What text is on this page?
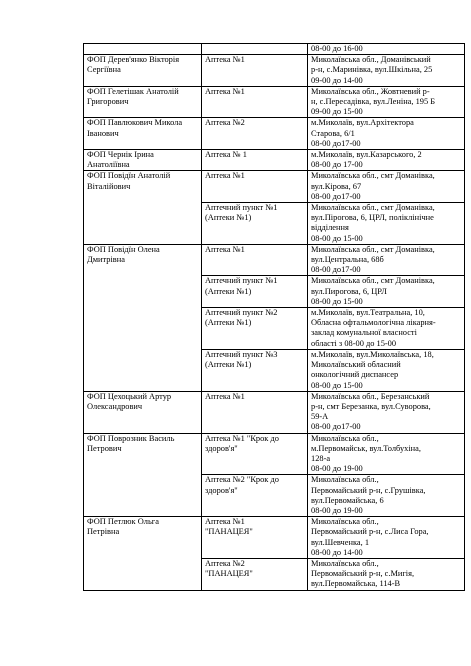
		08-00 до 16-00

ФОП Дерев'янко Вікторія
Сергіївна	Аптека №1	Миколаївська обл., Доманівський
р-н, с.Маринівка, вул.Шкільна, 25
09-00 до 14-00

ФОП Гелетішак Анатолій
Григорович	Аптека №1	Миколаївська обл., Жовтневий р-
н, с.Пересадівка, вул.Леніна, 195 Б
09-00 до 15-00

ФОП Павлюкович Микола
Іванович	Аптека №2	м.Миколаїв, вул.Архітектора
Старова, 6/1
08-00 до17-00

ФОП Чернік Ірина
Анатоліївна	Аптека № 1	м.Миколаїв, вул.Казарського, 2
08-00 до 17-00

ФОП Повідїн Анатолій
Віталійович	Аптека №1	Миколаївська обл., смт Доманівка,
вул.Кірова, 67
08-00 до17-00

	Аптечний пункт №1
(Аптеки №1)	Миколаївська обл., смт Доманівка,
вул.Пірогова, 6, ЦРЛ, поліклінічне
відділення
08-00 до 15-00

ФОП Повідїн Олена
Дмитрівна	Аптека №1	Миколаївська обл., смт Доманівка,
вул.Центральна, 68б
08-00 до17-00

	Аптечний пункт №1
(Аптеки №1)	Миколаївська обл., смт Доманівка,
вул.Пирогова, 6, ЦРЛ
08-00 до 15-00

	Аптечний пункт №2
(Аптеки №1)	м.Миколаїв, вул.Театральна, 10,
Обласна офтальмологічна лікарня-
заклад комунальної власності
області з 08-00 до 15-00

	Аптечний пункт №3
(Аптеки №1)	м.Миколаїв, вул.Миколаївська, 18,
Миколаївський обласний
онкологічний диспансер
08-00 до 15-00

ФОП Цехоцький Артур
Олександрович	Аптека №1	Миколаївська обл., Березанський
р-н, смт Березанка, вул.Суворова,
59-А
08-00 до17-00

ФОП Поврозник Василь
Петрович	Аптека №1 "Крок до
здоров'я"	Миколаївська обл.,
м.Первомайськ, вул.Толбухіна,
128-а
08-00 до 19-00

	Аптека №2 "Крок до
здоров'я"	Миколаївська обл.,
Первомайський р-н, с.Грушівка,
вул.Первомайська, 6
08-00 до 19-00

ФОП Петлюк Ольга
Петрівна	Аптека №1
"ПАНАЦЕЯ"	Миколаївська обл.,
Первомайський р-н, с.Лиса Гора,
вул.Шевченка, 1
08-00 до 14-00

	Аптека №2
"ПАНАЦЕЯ"	Миколаївська обл.,
Первомайський р-н, с.Мигія,
вул.Первомайська, 114-В
